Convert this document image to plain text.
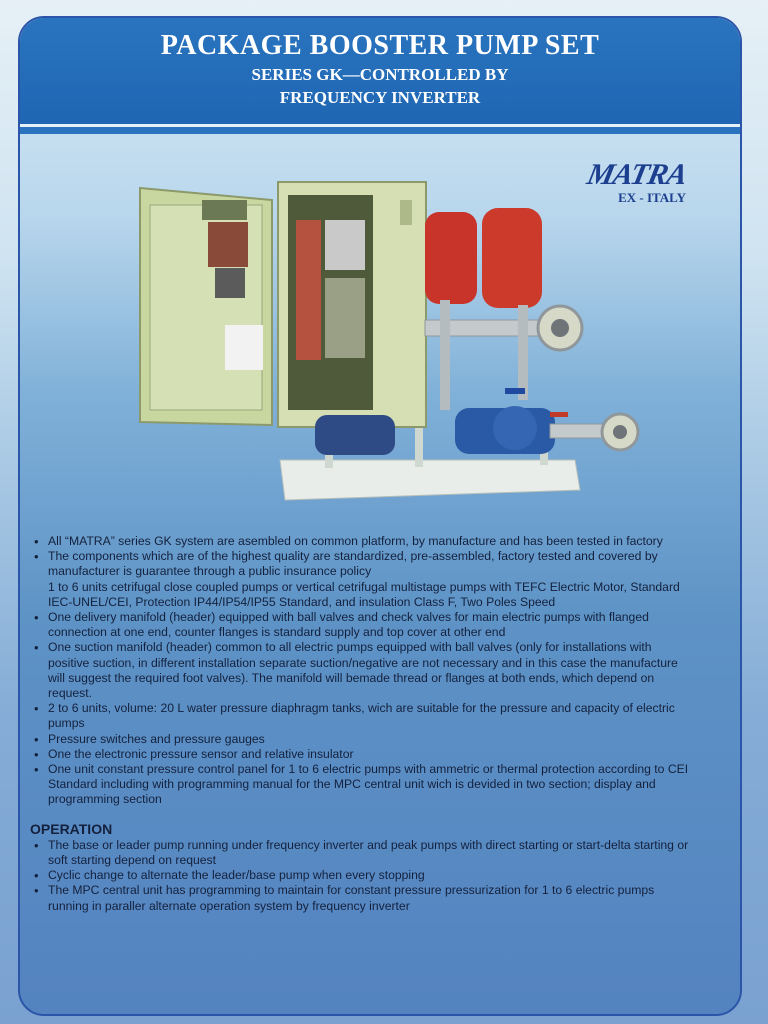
PACKAGE BOOSTER PUMP SET
SERIES GK—CONTROLLED BY
FREQUENCY INVERTER
MATRA
EX - ITALY
• All “MATRA” series GK system are asembled on common platform, by manufacture and has been tested in factory
• The components which are of the highest quality are standardized, pre-assembled, factory tested and covered by manufacturer is guarantee through a public insurance policy
1 to 6 units cetrifugal close coupled pumps or vertical cetrifugal multistage pumps with TEFC Electric Motor, Standard IEC-UNEL/CEI, Protection IP44/IP54/IP55 Standard, and insulation Class F, Two Poles Speed
• One delivery manifold (header) equipped with ball valves and check valves for main electric pumps with flanged connection at one end, counter flanges is standard supply and top cover at other end
• One suction manifold (header) common to all electric pumps equipped with ball valves (only for installations with positive suction, in different installation separate suction/negative are not necessary and in this case the manufacture will suggest the required foot valves). The manifold will bemade thread or flanges at both ends, which depend on request.
• 2 to 6 units, volume: 20 L water pressure diaphragm tanks, wich are suitable for the pressure and capacity of electric pumps
• Pressure switches and pressure gauges
• One the electronic pressure sensor and relative insulator
• One unit constant pressure control panel for 1 to 6 electric pumps with ammetric or thermal protection according to CEI Standard including with programming manual for the MPC central unit wich is devided in two section; display and programming section
OPERATION
• The base or leader pump running under frequency inverter and peak pumps with direct starting or start-delta starting or soft starting depend on request
• Cyclic change to alternate the leader/base pump when every stopping
• The MPC central unit has programming to maintain for constant pressure pressurization for 1 to 6 electric pumps running in paraller alternate operation system by frequency inverter
